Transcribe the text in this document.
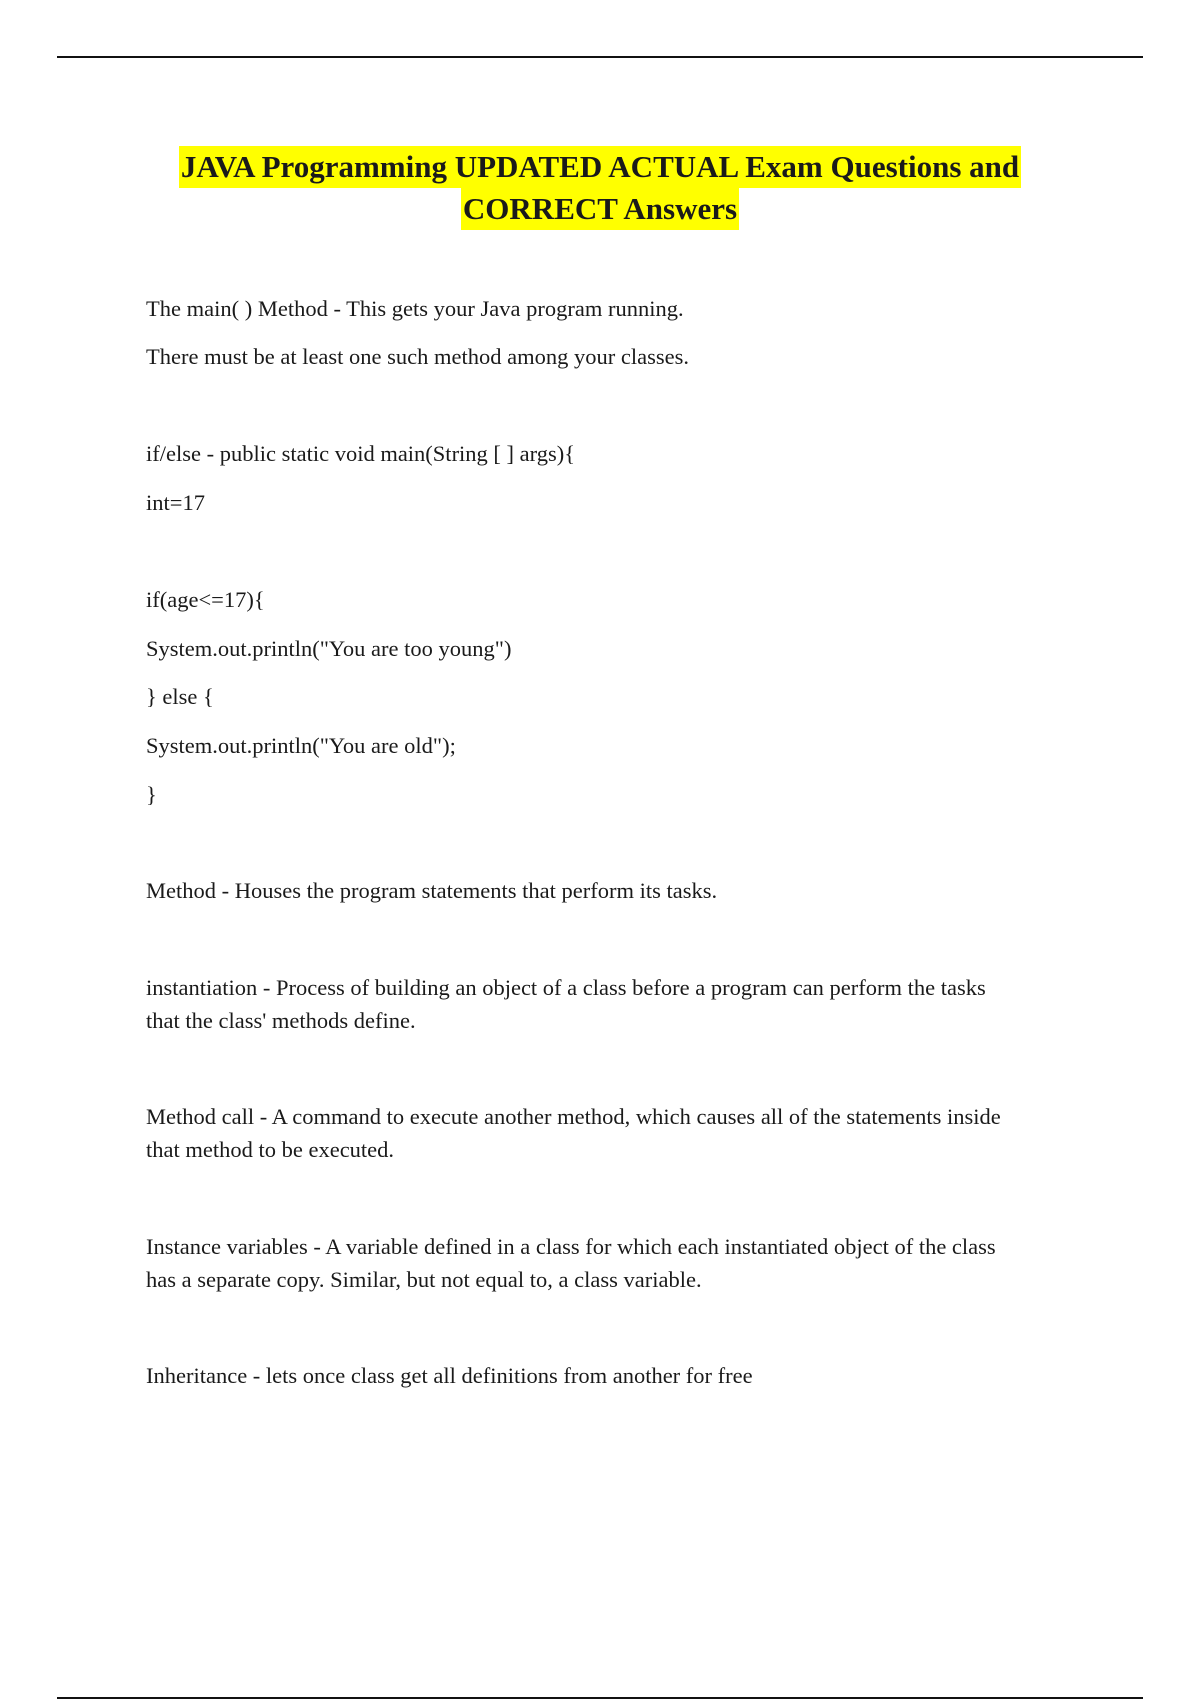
JAVA Programming UPDATED ACTUAL Exam Questions and
CORRECT Answers
The main( ) Method - This gets your Java program running.
There must be at least one such method among your classes.
if/else - public static void main(String [ ] args){
int=17
if(age<=17){
System.out.println("You are too young")
} else {
System.out.println("You are old");
}
Method - Houses the program statements that perform its tasks.
instantiation - Process of building an object of a class before a program can perform the tasks
that the class' methods define.
Method call - A command to execute another method, which causes all of the statements inside
that method to be executed.
Instance variables - A variable defined in a class for which each instantiated object of the class
has a separate copy. Similar, but not equal to, a class variable.
Inheritance - lets once class get all definitions from another for free
